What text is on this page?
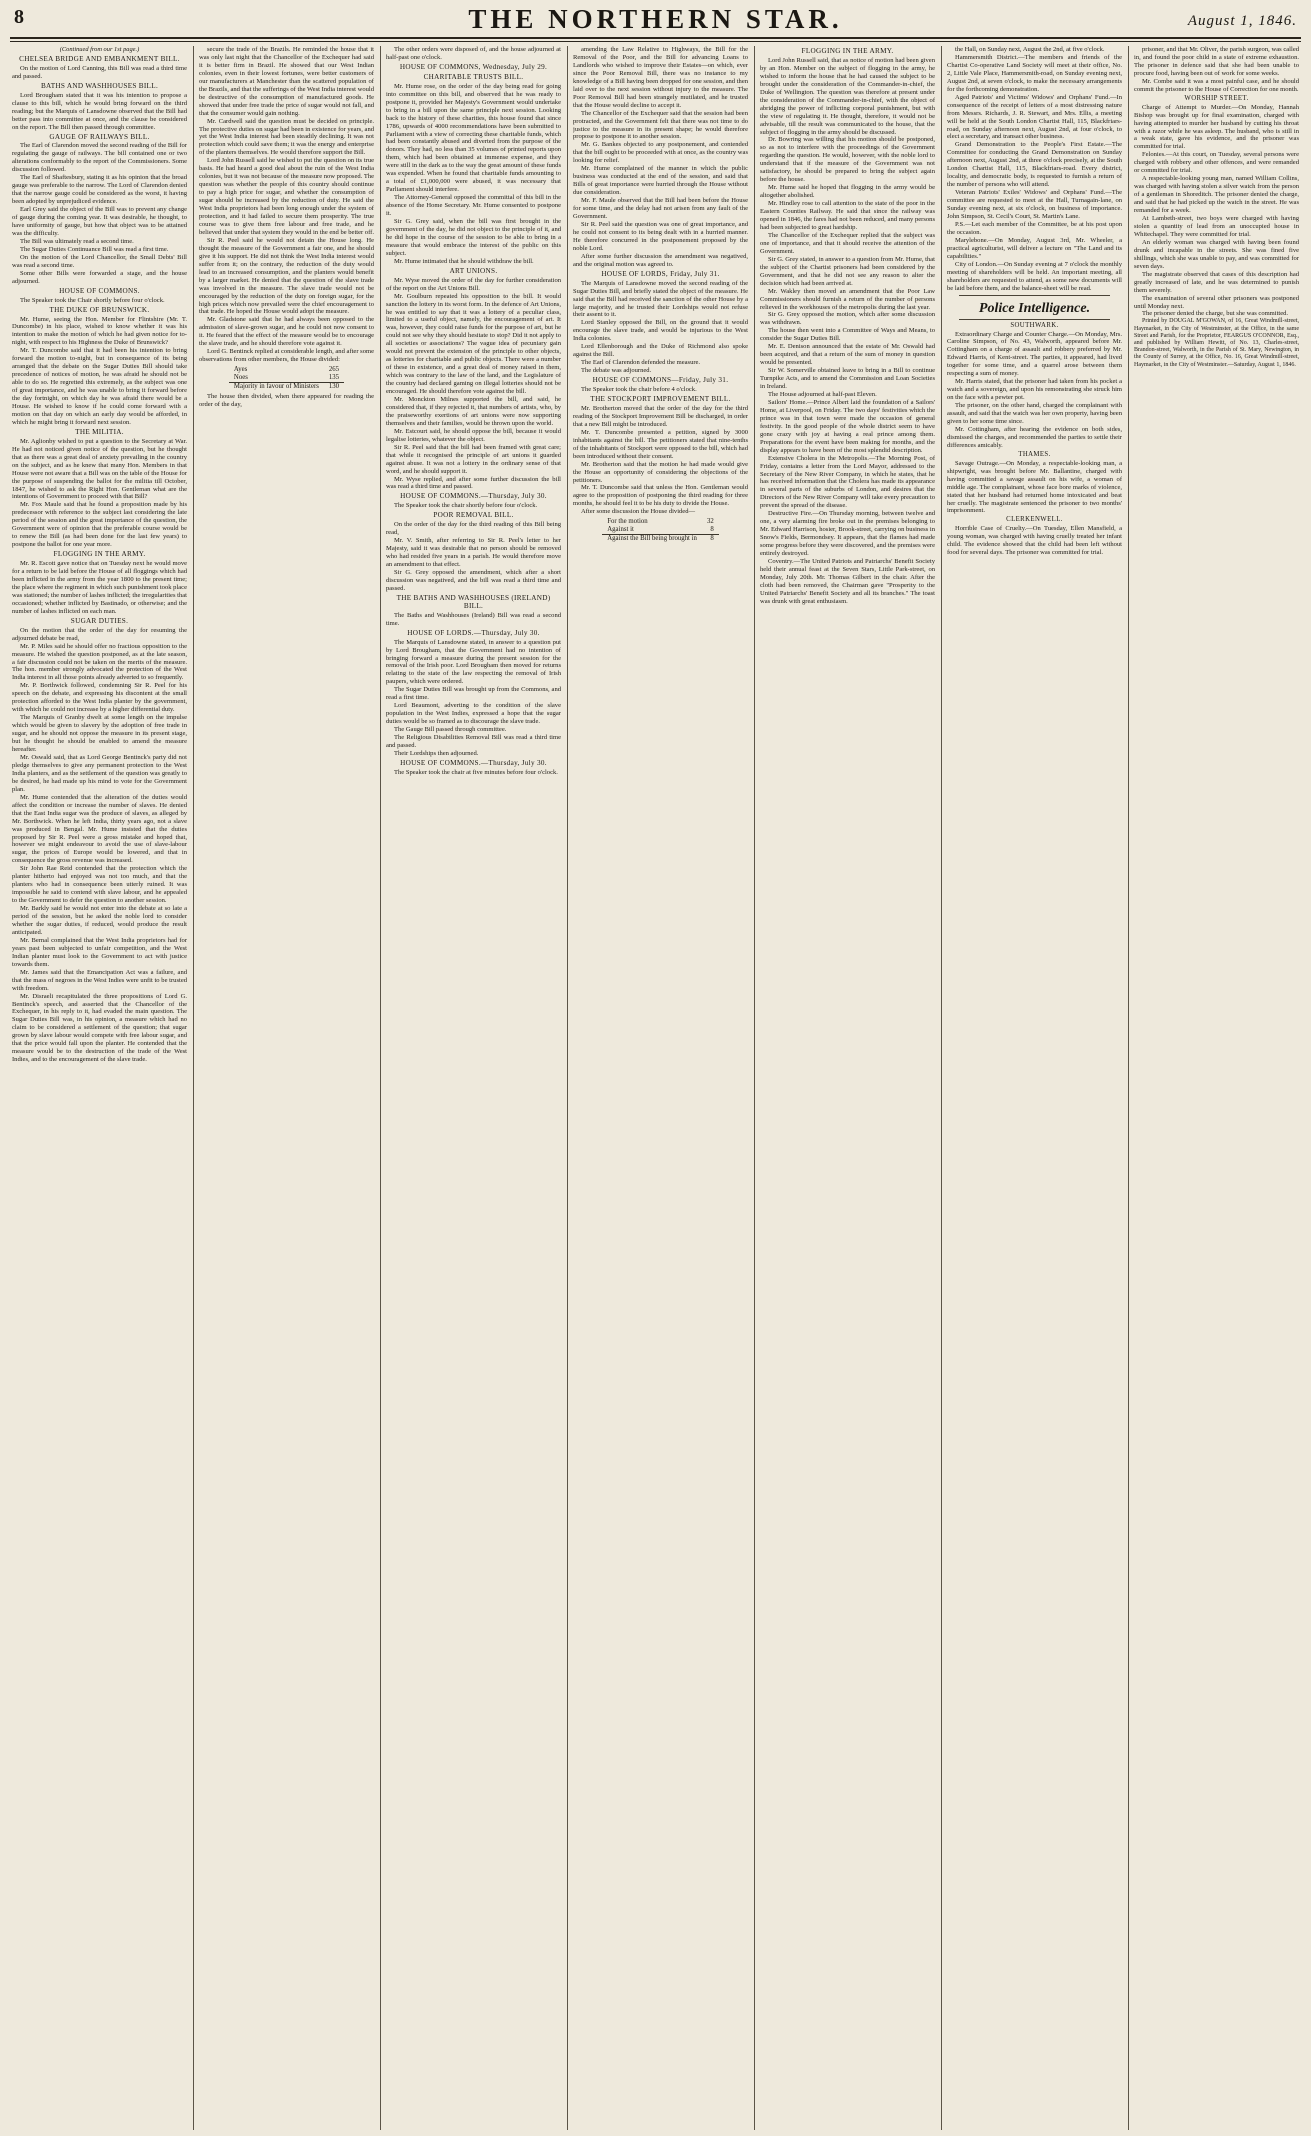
8	THE NORTHERN STAR.	August 1, 1846.
(Continued from our 1st page.)
CHELSEA BRIDGE AND EMBANKMENT BILL.

On the motion of Lord Canning, this Bill was read a third time and passed.

BATHS AND WASHHOUSES BILL.

Lord Brougham stated that it was his intention to propose a clause to this bill, which he would bring forward on the third reading; but the Marquis of Lansdowne observed that the Bill had better pass into committee at once, and the clause be considered on the report. The Bill then passed through committee.

GAUGE OF RAILWAYS BILL.

The Earl of Clarendon moved the second reading of the Bill for regulating the gauge of railways. The bill contained one or two alterations conformably to the report of the Commissioners. Some discussion followed.

The Earl of Shaftesbury, stating it as his opinion that the broad gauge was preferable to the narrow. The Lord of Clarendon denied that the narrow gauge could be considered as the worst, it having been adopted by unprejudiced evidence.

Earl Grey said the object of the Bill was to prevent any change of gauge during the coming year. It was desirable, he thought, to have uniformity of gauge, but how that object was to be attained was the difficulty.

The Bill was ultimately read a second time.

The Sugar Duties Continuance Bill was read a first time.

On the motion of the Lord Chancellor, the Small Debts' Bill was read a second time.

Some other Bills were forwarded a stage, and the house adjourned.

HOUSE OF COMMONS.

The Speaker took the Chair shortly before four o'clock.

THE DUKE OF BRUNSWICK.

Mr. Hume, seeing the Hon. Member for Flintshire (Mr. T. Duncombe) in his place, wished to know whether it was his intention to make the motion of which he had given notice for to-night, with respect to his Highness the Duke of Brunswick?

Mr. T. Duncombe said that it had been his intention to bring forward the motion to-night, but in consequence of its being arranged that the debate on the Sugar Duties Bill should take precedence of notices of motion, he was afraid he should not be able to do so. He regretted this extremely, as the subject was one of great importance, and he was unable to bring it forward before the day fortnight, on which day he was afraid there would be a House. He wished to know if he could come forward with a motion on that day on which an early day would be afforded, in which he might bring it forward next session.

THE MILITIA.

Mr. Aglionby wished to put a question to the Secretary at War. He had not noticed given notice of the question, but he thought that as there was a great deal of anxiety prevailing in the country on the subject, and as he knew that many Hon. Members in that House were not aware that a Bill was on the table of the House for the purpose of suspending the ballot for the militia till October, 1847, he wished to ask the Right Hon. Gentleman what are the intentions of Government to proceed with that Bill?

Mr. Fox Maule said that he found a proposition made by his predecessor with reference to the subject last considering the late period of the session and the great importance of the question, the Government were of opinion that the preferable course would be to renew the Bill (as had been done for the last few years) to postpone the ballot for one year more.

FLOGGING IN THE ARMY.

Mr. R. Escott gave notice that on Tuesday next he would move for a return to be laid before the House of all floggings which had been inflicted in the army from the year 1800 to the present time; the place where the regiment in which such punishment took place was stationed; the number of lashes inflicted; the irregularities that occasioned; whether inflicted by Bastinado, or otherwise; and the number of lashes inflicted on each man.

SUGAR DUTIES.

On the motion that the order of the day for resuming the adjourned debate be read,

Mr. P. Miles said he should offer no fractious opposition to the measure. He wished the question postponed, as at the late season, a fair discussion could not be taken on the merits of the measure. The hon. member strongly advocated the protection of the West India interest in all those points already adverted to so frequently.

Mr. P. Borthwick followed, condemning Sir R. Peel for his speech on the debate, and expressing his discontent at the small protection afforded to the West India planter by the government, with which he could not increase by a higher differential duty.

The Marquis of Granby dwelt at some length on the impulse which would be given to slavery by the adoption of free trade in sugar, and he should not oppose the measure in its present stage, but he thought he should be enabled to amend the measure hereafter.

Mr. Oswald said, that as Lord George Bentinck's party did not pledge themselves to give any permanent protection to the West India planters, and as the settlement of the question was greatly to be desired, he had made up his mind to vote for the Government plan.

Mr. Hume contended that the alteration of the duties would affect the condition or increase the number of slaves. He denied that the East India sugar was the produce of slaves, as alleged by Mr. Borthwick. When he left India, thirty years ago, not a slave was produced in Bengal. Mr. Hume insisted that the duties proposed by Sir R. Peel were a gross mistake and hoped that, however we might endeavour to avoid the use of slave-labour sugar, the prices of Europe would be lowered, and that in consequence the gross revenue was increased.

Sir John Rae Reid contended that the protection which the planter hitherto had enjoyed was not too much, and that the planters who had in consequence been utterly ruined. It was impossible he said to contend with slave labour, and he appealed to the Government to defer the question to another session.

Mr. Barkly said he would not enter into the debate at so late a period of the session, but he asked the noble lord to consider whether the sugar duties, if reduced, would produce the result anticipated.

Mr. Bernal complained that the West India proprietors had for years past been subjected to unfair competition, and the West Indian planter must look to the Government to act with justice towards them.

Mr. James said that the Emancipation Act was a failure, and that the mass of negroes in the West Indies were unfit to be trusted with freedom.

Mr. Disraeli recapitulated the three propositions of Lord G. Bentinck's speech, and asserted that the Chancellor of the Exchequer, in his reply to it, had evaded the main question. The Sugar Duties Bill was, in his opinion, a measure which had no claim to be considered a settlement of the question; that sugar grown by slave labour would compete with free labour sugar, and that the price would fall upon the planter. He contended that the measure would be to the destruction of the trade of the West Indies, and to the encouragement of the slave trade.

secure the trade of the Brazils. He reminded the house that it was only last night that the Chancellor of the Exchequer had said it is better firm in Brazil. He showed that our West Indian colonies, even in their lowest fortunes, were better customers of our manufacturers at Manchester than the scattered population of the Brazils, and that the sufferings of the West India interest would be destructive of the consumption of manufactured goods. He showed that under free trade the price of sugar would not fall, and that the consumer would gain nothing.

Mr. Cardwell said the question must be decided on principle. The protective duties on sugar had been in existence for years, and yet the West India interest had been steadily declining. It was not protection which could save them; it was the energy and enterprise of the planters themselves. He would therefore support the Bill.

Lord John Russell said he wished to put the question on its true basis. He had heard a good deal about the ruin of the West India colonies, but it was not because of the measure now proposed. The question was whether the people of this country should continue to pay a high price for sugar, and whether the consumption of sugar should be increased by the reduction of duty. He said the West India proprietors had been long enough under the system of protection, and it had failed to secure them prosperity. The true course was to give them free labour and free trade, and he believed that under that system they would in the end be better off.

Sir R. Peel said he would not detain the House long. He thought the measure of the Government a fair one, and he should give it his support. He did not think the West India interest would suffer from it; on the contrary, the reduction of the duty would lead to an increased consumption, and the planters would benefit by a larger market. He denied that the question of the slave trade was involved in the measure. The slave trade would not be encouraged by the reduction of the duty on foreign sugar, for the high prices which now prevailed were the chief encouragement to that trade. He hoped the House would adopt the measure.

Mr. Gladstone said that he had always been opposed to the admission of slave-grown sugar, and he could not now consent to it. He feared that the effect of the measure would be to encourage the slave trade, and he should therefore vote against it.

Lord G. Bentinck replied at considerable length, and after some observations from other members, the House divided:

Ayes	265
Noes	135
Majority in favour of Ministers	130

The house then divided, when there appeared for reading the order of the day,

The other orders were disposed of, and the house adjourned at half-past one o'clock.

HOUSE OF COMMONS, Wednesday, July 29.
CHARITABLE TRUSTS BILL.

Mr. Hume rose, on the order of the day being read for going into committee on this bill, and observed that he was ready to postpone it, provided her Majesty's Government would undertake to bring in a bill upon the same principle next session. Looking back to the history of these charities, this house found that since 1786, upwards of 4000 recommendations have been submitted to Parliament with a view of correcting these charitable funds, which had been constantly abused and diverted from the purpose of the donors. They had, no less than 35 volumes of printed reports upon them, which had been obtained at immense expense, and they were still in the dark as to the way the great amount of these funds was expended. When he found that charitable funds amounting to a total of £1,000,000 were abused, it was necessary that Parliament should interfere.

The Attorney-General opposed the committal of this bill in the absence of the Home Secretary. Mr. Hume consented to postpone it.

Sir G. Grey said, when the bill was first brought in the government of the day, he did not object to the principle of it, and he did hope in the course of the session to be able to bring in a measure that would embrace the interest of the public on this subject.

Mr. Hume intimated that he should withdraw the bill.

ART UNIONS.

Mr. Wyse moved the order of the day for further consideration of the report on the Art Unions Bill.

Mr. Goulburn repeated his opposition to the bill. It would sanction the lottery in its worst form. In the defence of Art Unions, he was entitled to say that it was a lottery of a peculiar class, limited to a useful object, namely, the encouragement of art. It was, however, they could raise funds for the purpose of art, but he could not see why they should hesitate to stop? Did it not apply to all societies or associations? The vague idea of pecuniary gain would not prevent the extension of the principle to other objects, as lotteries for charitable and public objects. There were a number of these in existence, and a great deal of money raised in them, which was contrary to the law of the land, and the Legislature of the country had declared gaming on illegal lotteries should not be encouraged. He should therefore vote against the bill.

Mr. Monckton Milnes supported the bill, and said, he considered that, if they rejected it, that numbers of artists, who, by the praiseworthy exertions of art unions were now supporting themselves and their families, would be thrown upon the world.

Mr. Estcourt said, he should oppose the bill, because it would legalise lotteries, whatever the object.

Sir R. Peel said that the bill had been framed with great care; that while it recognised the principle of art unions it guarded against abuse. It was not a lottery in the ordinary sense of that word, and he should support it.

Mr. Wyse replied, and after some further discussion the bill was read a third time and passed.

HOUSE OF COMMONS.—Thursday, July 30.

The Speaker took the chair shortly before four o'clock.

POOR REMOVAL BILL.

On the order of the day for the third reading of this Bill being read,

Mr. V. Smith, after referring to Sir R. Peel's letter to her Majesty, said it was desirable that no person should be removed who had resided five years in a parish. He would therefore move an amendment to that effect.

Sir G. Grey opposed the amendment, which after a short discussion was negatived, and the bill was read a third time and passed.

THE BATHS AND WASHHOUSES (IRELAND) BILL.

The Baths and Washhouses (Ireland) Bill was read a second time.

HOUSE OF LORDS.—Thursday, July 30.

The Marquis of Lansdowne stated, in answer to a question put by Lord Brougham, that the Government had no intention of bringing forward a measure during the present session for the removal of the Irish poor. Lord Brougham then moved for returns relating to the state of the law respecting the removal of Irish paupers, which were ordered.

The Sugar Duties Bill was brought up from the Commons, and read a first time.

Lord Beaumont, adverting to the condition of the slave population in the West Indies, expressed a hope that the sugar duties would be so framed as to discourage the slave trade.

The Gauge Bill passed through committee.

The Religious Disabilities Removal Bill was read a third time and passed.

Their Lordships then adjourned.

HOUSE OF COMMONS.—Thursday, July 30.

The Speaker took the chair at five minutes before four o'clock.

amending the Law Relative to Highways, the Bill for the Removal of the Poor, and the Bill for advancing Loans to Landlords who wished to improve their Estates—on which, ever since the Poor Removal Bill, there was no instance to my knowledge of a Bill having been dropped for one session, and then laid over to the next session without injury to the measure. The Poor Removal Bill had been strangely mutilated, and he trusted that the House would decline to accept it.

The Chancellor of the Exchequer said that the session had been protracted, and the Government felt that there was not time to do justice to the measure in its present shape; he would therefore propose to postpone it to another session.

Mr. G. Bankes objected to any postponement, and contended that the bill ought to be proceeded with at once, as the country was looking for relief.

Mr. Hume complained of the manner in which the public business was conducted at the end of the session, and said that Bills of great importance were hurried through the House without due consideration.

Mr. F. Maule observed that the Bill had been before the House for some time, and the delay had not arisen from any fault of the Government.

Sir R. Peel said the question was one of great importance, and he could not consent to its being dealt with in a hurried manner. He therefore concurred in the postponement proposed by the noble Lord.

After some further discussion the amendment was negatived, and the original motion was agreed to.

HOUSE OF LORDS, Friday, July 31.

The Marquis of Lansdowne moved the second reading of the Sugar Duties Bill, and briefly stated the object of the measure. He said that the Bill had received the sanction of the other House by a large majority, and he trusted their Lordships would not refuse their assent to it.

Lord Stanley opposed the Bill, on the ground that it would encourage the slave trade, and would be injurious to the West India colonies.

Lord Ellenborough and the Duke of Richmond also spoke against the Bill.

The Earl of Clarendon defended the measure.

The debate was adjourned.

HOUSE OF COMMONS—Friday, July 31.

The Speaker took the chair before 4 o'clock.

THE STOCKPORT IMPROVEMENT BILL.

Mr. Brotherton moved that the order of the day for the third reading of the Stockport Improvement Bill be discharged, in order that a new Bill might be introduced.

Mr. T. Duncombe presented a petition, signed by 3000 inhabitants against the bill. The petitioners stated that nine-tenths of the inhabitants of Stockport were opposed to the bill, which had been introduced without their consent.

Mr. Brotherton said that the motion he had made would give the House an opportunity of considering the objections of the petitioners.

Mr. T. Duncombe said that unless the Hon. Gentleman would agree to the proposition of postponing the third reading for three months, he should feel it to be his duty to divide the House.

After some discussion the House divided—

For the motion	32
Against it	8
Against the Bill being brought in	8
FLOGGING IN THE ARMY.

Lord John Russell said, that as notice of motion had been given by an Hon. Member on the subject of flogging in the army, he wished to inform the house that he had caused the subject to be brought under the consideration of the Commander-in-chief, the Duke of Wellington. The question was therefore at present under the consideration of the Commander-in-chief, with the object of abridging the power of inflicting corporal punishment, but with the view of regulating it. He thought, therefore, it would not be advisable, till the result was communicated to the house, that the subject of flogging in the army should be discussed.

Dr. Bowring was willing that his motion should be postponed, so as not to interfere with the proceedings of the Government regarding the question. He would, however, with the noble lord to understand that if the measure of the Government was not satisfactory, he should be prepared to bring the subject again before the house.

Mr. Hume said he hoped that flogging in the army would be altogether abolished.

Mr. Hindley rose to call attention to the state of the poor in the Eastern Counties Railway. He said that since the railway was opened in 1846, the fares had not been reduced, and many persons had been subjected to great hardship.

The Chancellor of the Exchequer replied that the subject was one of importance, and that it should receive the attention of the Government.

Sir G. Grey stated, in answer to a question from Mr. Hume, that the subject of the Chartist prisoners had been considered by the Government, and that he did not see any reason to alter the decision which had been arrived at.

Mr. Wakley then moved an amendment that the Poor Law Commissioners should furnish a return of the number of persons relieved in the workhouses of the metropolis during the last year.

Sir G. Grey opposed the motion, which after some discussion was withdrawn.

The house then went into a Committee of Ways and Means, to consider the Sugar Duties Bill.

Mr. E. Denison announced that the estate of Mr. Oswald had been acquired, and that a return of the sum of money in question would be presented.

Sir W. Somerville obtained leave to bring in a Bill to continue Turnpike Acts, and to amend the Commission and Loan Societies in Ireland.

The House adjourned at half-past Eleven.

Sailors' Home.—Prince Albert laid the foundation of a Sailors' Home, at Liverpool, on Friday. The two days' festivities which the prince was in that town were made the occasion of general festivity. In the good people of the whole district seem to have gone crazy with joy at having a real prince among them. Preparations for the event have been making for months, and the display appears to have been of the most splendid description.

Extensive Cholera in the Metropolis.—The Morning Post, of Friday, contains a letter from the Lord Mayor, addressed to the Secretary of the New River Company, in which he states, that he has received information that the Cholera has made its appearance in several parts of the suburbs of London, and desires that the Directors of the New River Company will take every precaution to prevent the spread of the disease.

Destructive Fire.—On Thursday morning, between twelve and one, a very alarming fire broke out in the premises belonging to Mr. Edward Harrison, hosier, Brook-street, carrying on business in Snow's Fields, Bermondsey. It appears, that the flames had made some progress before they were discovered, and the premises were entirely destroyed.

Coventry.—The United Patriots and Patriarchs' Benefit Society held their annual feast at the Seven Stars, Little Park-street, on Monday, July 20th. Mr. Thomas Gilbert in the chair. After the cloth had been removed, the Chairman gave "Prosperity to the United Patriarchs' Benefit Society and all its branches." The toast was drunk with great enthusiasm.

the Hall, on Sunday next, August the 2nd, at five o'clock.

Hammersmith District.—The members and friends of the Chartist Co-operative Land Society will meet at their office, No. 2, Little Vale Place, Hammersmith-road, on Sunday evening next, August 2nd, at seven o'clock, to make the necessary arrangements for the forthcoming demonstration.

Aged Patriots' and Victims' Widows' and Orphans' Fund.—In consequence of the receipt of letters of a most distressing nature from Messrs. Richards, J. R. Stewart, and Mrs. Ellis, a meeting will be held at the South London Chartist Hall, 115, Blackfriars-road, on Sunday afternoon next, August 2nd, at four o'clock, to elect a secretary, and transact other business.

Grand Demonstration to the People's First Estate.—The Committee for conducting the Grand Demonstration on Sunday afternoon next, August 2nd, at three o'clock precisely, at the South London Chartist Hall, 115, Blackfriars-road. Every district, locality, and democratic body, is requested to furnish a return of the number of persons who will attend.

Veteran Patriots' Exiles' Widows' and Orphans' Fund.—The committee are requested to meet at the Hall, Turnagain-lane, on Sunday evening next, at six o'clock, on business of importance. John Simpson, St. Cecil's Court, St. Martin's Lane.

P.S.—Let each member of the Committee, be at his post upon the occasion.

Marylebone.—On Monday, August 3rd, Mr. Wheeler, a practical agriculturist, will deliver a lecture on "The Land and its capabilities."

City of London.—On Sunday evening at 7 o'clock the monthly meeting of shareholders will be held. An important meeting, all shareholders are requested to attend, as some new documents will be laid before them, and the balance-sheet will be read.

Police Intelligence.
SOUTHWARK.

Extraordinary Charge and Counter Charge.—On Monday, Mrs. Caroline Simpson, of No. 43, Walworth, appeared before Mr. Cottingham on a charge of assault and robbery preferred by Mr. Edward Harris, of Kent-street. The parties, it appeared, had lived together for some time, and a quarrel arose between them respecting a sum of money.

Mr. Harris stated, that the prisoner had taken from his pocket a watch and a sovereign, and upon his remonstrating she struck him on the face with a pewter pot.

The prisoner, on the other hand, charged the complainant with assault, and said that the watch was her own property, having been given to her some time since.

Mr. Cottingham, after hearing the evidence on both sides, dismissed the charges, and recommended the parties to settle their differences amicably.

THAMES.

Savage Outrage.—On Monday, a respectable-looking man, a shipwright, was brought before Mr. Ballantine, charged with having committed a savage assault on his wife, a woman of middle age. The complainant, whose face bore marks of violence, stated that her husband had returned home intoxicated and beat her cruelly. The magistrate sentenced the prisoner to two months' imprisonment.

CLERKENWELL.

Horrible Case of Cruelty.—On Tuesday, Ellen Mansfield, a young woman, was charged with having cruelly treated her infant child. The evidence showed that the child had been left without food for several days. The prisoner was committed for trial.

prisoner, and that Mr. Oliver, the parish surgeon, was called in, and found the poor child in a state of extreme exhaustion. The prisoner in defence said that she had been unable to procure food, having been out of work for some weeks.

Mr. Combe said it was a most painful case, and he should commit the prisoner to the House of Correction for one month.

WORSHIP STREET.

Charge of Attempt to Murder.—On Monday, Hannah Bishop was brought up for final examination, charged with having attempted to murder her husband by cutting his throat with a razor while he was asleep. The husband, who is still in a weak state, gave his evidence, and the prisoner was committed for trial.

Felonies.—At this court, on Tuesday, several persons were charged with robbery and other offences, and were remanded or committed for trial.

A respectable-looking young man, named William Collins, was charged with having stolen a silver watch from the person of a gentleman in Shoreditch. The prisoner denied the charge, and said that he had picked up the watch in the street. He was remanded for a week.

At Lambeth-street, two boys were charged with having stolen a quantity of lead from an unoccupied house in Whitechapel. They were committed for trial.

An elderly woman was charged with having been found drunk and incapable in the streets. She was fined five shillings, which she was unable to pay, and was committed for seven days.

The magistrate observed that cases of this description had greatly increased of late, and he was determined to punish them severely.

The examination of several other prisoners was postponed until Monday next.

The prisoner denied the charge, but she was committed.

Printed by DOUGAL M'GOWAN, of 16, Great Windmill-street, Haymarket, in the City of Westminster, at the Office, in the same Street and Parish, for the Proprietor, FEARGUS O'CONNOR, Esq., and published by William Hewitt, of No. 13, Charles-street, Brandon-street, Walworth, in the Parish of St. Mary, Newington, in the County of Surrey, at the Office, No. 16, Great Windmill-street, Haymarket, in the City of Westminster.—Saturday, August 1, 1846.
